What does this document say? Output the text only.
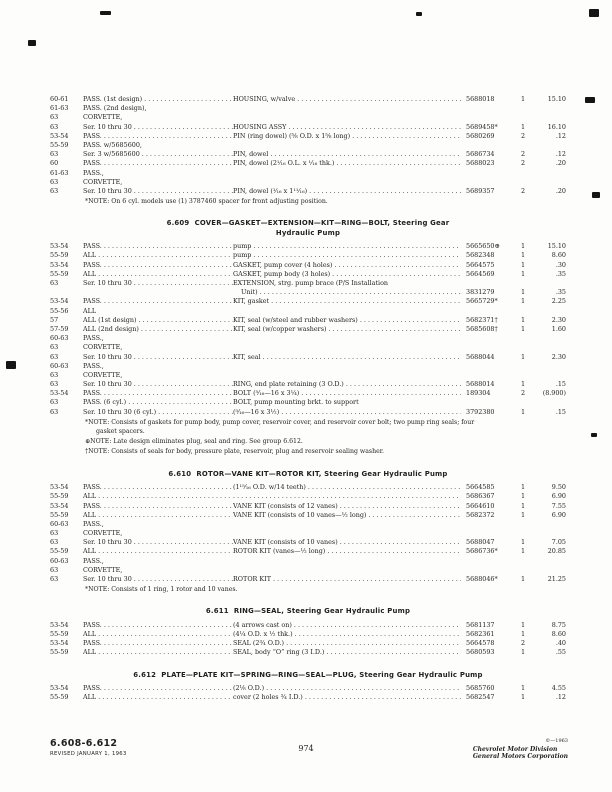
60-61	PASS. (1st design) . . .	HOUSING, w/valve . . .	5688018	1	15.10
61-63	PASS. (2nd design),
63	CORVETTE,
63	Ser. 10 thru 30 . . .	HOUSING ASSY . . .	5689458*	1	16.10
53-54	PASS. . . .	PIN (ring dowel) (⅝ O.D. x 1⅝ long) . . .	5680269	2	.12
55-59	PASS. w/5685600,
63	Ser. 3 w/5685600 . . .	PIN, dowel . . .	5686734	2	.12
60	PASS. . . .	PIN, dowel (2¹⁄₁₆ O.L. x ¹⁄₁₆ thk.) . . .	5688023	2	.20
61-63	PASS.,
63	CORVETTE,
63	Ser. 10 thru 30 . . .	PIN, dowel (¹⁄₁₆ x 1¹¹⁄₁₆) . . .	5689357	2	.20
*NOTE: On 6 cyl. models use (1) 3787460 spacer for front adjusting position.
6.609  COVER—GASKET—EXTENSION—KIT—RING—BOLT, Steering Gear
Hydraulic Pump
53-54	PASS. . . .	pump . . .	5665650⊕	1	15.10
55-59	ALL . . .	pump . . .	5682348	1	8.60
53-54	PASS. . . .	GASKET, pump cover (4 holes) . . .	5664575	1	.30
55-59	ALL . . .	GASKET, pump body (3 holes) . . .	5664569	1	.35
63	Ser. 10 thru 30 . . .	EXTENSION, strg. pump brace (P/S Installation
Unit) . . .	3831279	1	.35
53-54	PASS. . . .	KIT, gasket . . .	5665729*	1	2.25
55-56	ALL
57	ALL (1st design) . . .	KIT, seal (w/steel and rubber washers) . . .	5682371†	1	2.30
57-59	ALL (2nd design) . . .	KIT, seal (w/copper washers) . . .	5685608†	1	1.60
60-63	PASS.,
63	CORVETTE,
63	Ser. 10 thru 30 . . .	KIT, seal . . .	5688044	1	2.30
60-63	PASS.,
63	CORVETTE,
63	Ser. 10 thru 30 . . .	RING, end plate retaining (3 O.D.) . . .	5688014	1	.15
53-54	PASS. . . .	BOLT (⁵⁄₁₆—16 x 3¼) . . .	189304	2	(8.900)
63	PASS. (6 cyl.) . . .	BOLT, pump mounting brkt. to support
63	Ser. 10 thru 30 (6 cyl.) . . .	(⁵⁄₁₆—16 x 3½) . . .	3792380	1	.15
*NOTE: Consists of gaskets for pump body, pump cover, reservoir cover, and reservoir cover bolt; two pump ring seals; four gasket spacers.
⊕NOTE: Late design eliminates plug, seal and ring. See group 6.612.
†NOTE: Consists of seals for body, pressure plate, reservoir, plug and reservoir sealing washer.
6.610  ROTOR—VANE KIT—ROTOR KIT, Steering Gear Hydraulic Pump
53-54	PASS. . . .	(1¹⁵⁄₁₆ O.D. w/14 teeth) . . .	5664585	1	9.50
55-59	ALL . . . . . .	5686367	1	6.90
53-54	PASS. . . .	VANE KIT (consists of 12 vanes) . . .	5664610	1	7.55
55-59	ALL . . .	VANE KIT (consists of 10 vanes—½ long) . . .	5682372	1	6.90
60-63	PASS.,
63	CORVETTE,
63	Ser. 10 thru 30 . . .	VANE KIT (consists of 10 vanes) . . .	5688047	1	7.05
55-59	ALL . . .	ROTOR KIT (vanes—½ long) . . .	5686736*	1	20.85
60-63	PASS.,
63	CORVETTE,
63	Ser. 10 thru 30 . . .	ROTOR KIT . . .	5688046*	1	21.25
*NOTE: Consists of 1 ring, 1 rotor and 10 vanes.
6.611  RING—SEAL, Steering Gear Hydraulic Pump
53-54	PASS. . . .	(4 arrows cast on) . . .	5681137	1	8.75
55-59	ALL . . .	(4¼ O.D. x ½ thk.) . . .	5682361	1	8.60
53-54	PASS. . . .	SEAL (2¾ O.D.) . . .	5664578	2	.40
55-59	ALL . . .	SEAL, body “O” ring (3 I.D.) . . .	5680593	1	.55
6.612  PLATE—PLATE KIT—SPRING—RING—SEAL—PLUG, Steering Gear Hydraulic Pump
53-54	PASS. . . .	(2⅛ O.D.) . . .	5685760	1	4.55
55-59	ALL . . .	cover (2 holes ¾ I.D.) . . .	5682547	1	.12
6.608-6.612
REVISED JANUARY 1, 1963
974
©—1963
Chevrolet Motor Division
General Motors Corporation
